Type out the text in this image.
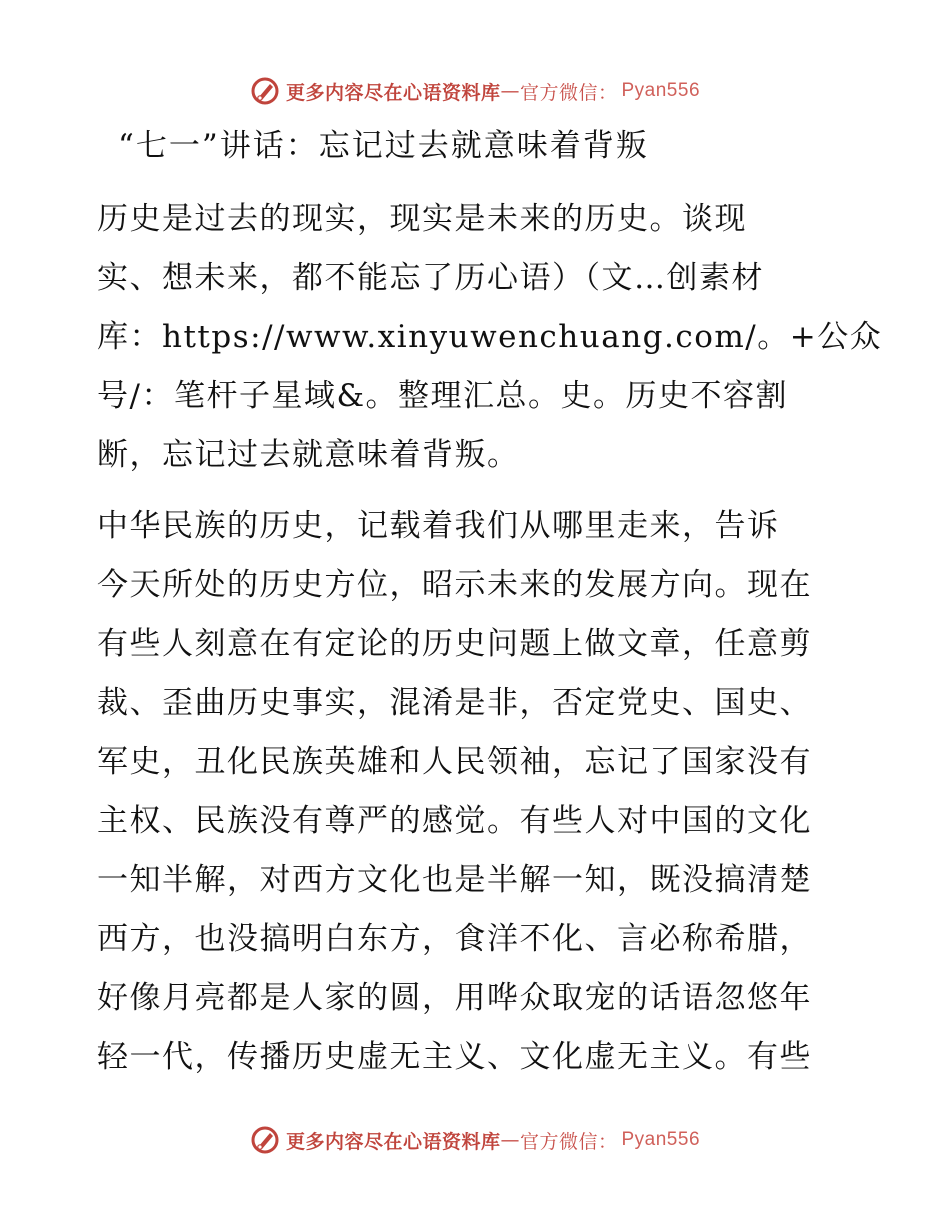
更多内容尽在心语资料库 — 官方微信： Pyan556
“七一”讲话：忘记过去就意味着背叛
历史是过去的现实，现实是未来的历史。谈现
实、想未来，都不能忘了历心语）（文…创素材
库：https://www.xinyuwenchuang.com/。+公众
号/：笔杆子星域&。整理汇总。史。历史不容割
断，忘记过去就意味着背叛。
中华民族的历史，记载着我们从哪里走来，告诉
今天所处的历史方位，昭示未来的发展方向。现在
有些人刻意在有定论的历史问题上做文章，任意剪
裁、歪曲历史事实，混淆是非，否定党史、国史、
军史，丑化民族英雄和人民领袖，忘记了国家没有
主权、民族没有尊严的感觉。有些人对中国的文化
一知半解，对西方文化也是半解一知，既没搞清楚
西方，也没搞明白东方，食洋不化、言必称希腊，
好像月亮都是人家的圆，用哗众取宠的话语忽悠年
轻一代，传播历史虚无主义、文化虚无主义。有些
更多内容尽在心语资料库 — 官方微信： Pyan556
